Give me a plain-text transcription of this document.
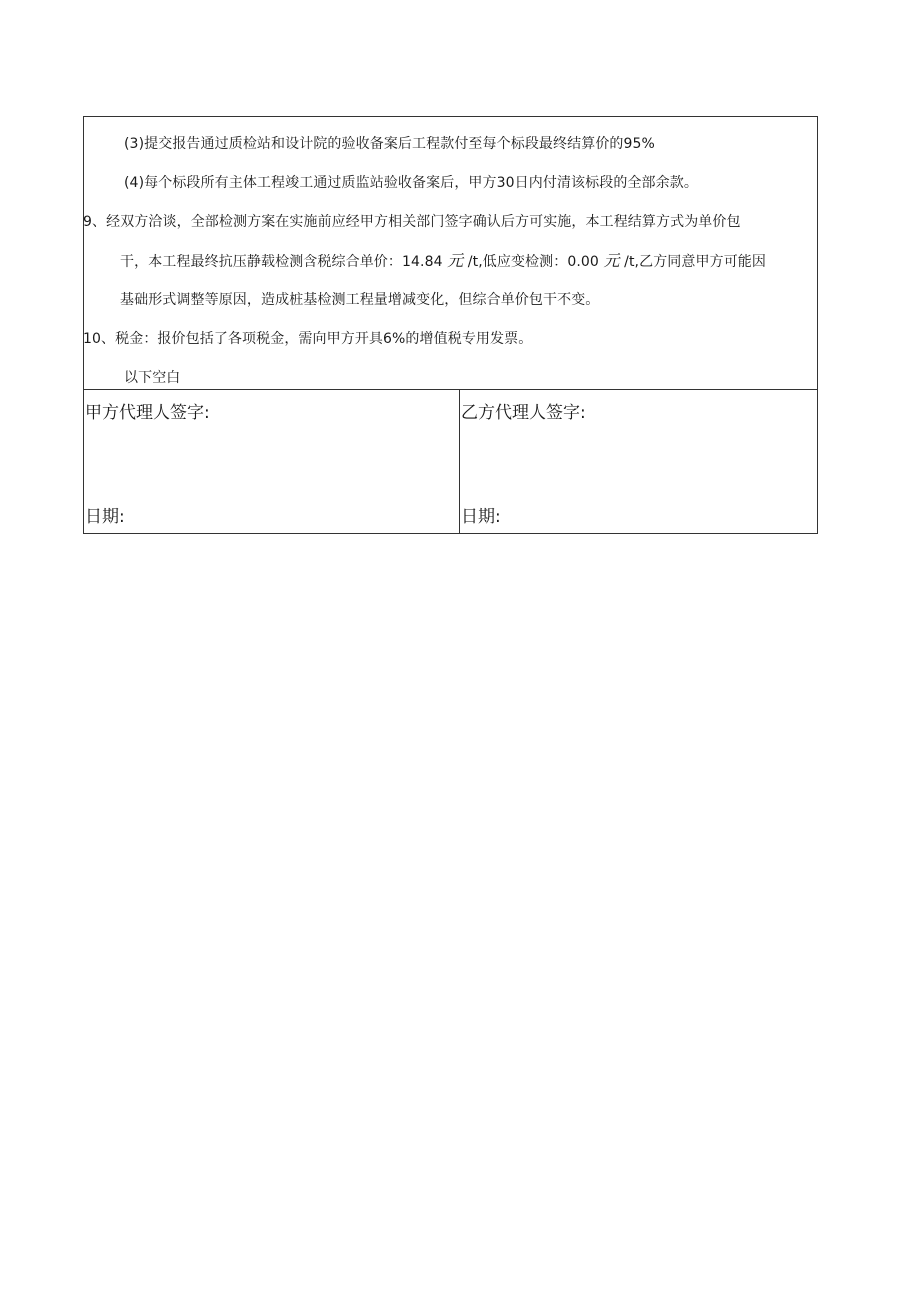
(3)提交报告通过质检站和设计院的验收备案后工程款付至每个标段最终结算价的95%
(4)每个标段所有主体工程竣工通过质监站验收备案后，甲方30日内付清该标段的全部余款。
9、经双方洽谈，全部检测方案在实施前应经甲方相关部门签字确认后方可实施，本工程结算方式为单价包
干，本工程最终抗压静载检测含税综合单价：14.84 元 /t,低应变检测：0.00 元 /t,乙方同意甲方可能因
基础形式调整等原因，造成桩基检测工程量增减变化，但综合单价包干不变。
10、税金：报价包括了各项税金，需向甲方开具6%的增值税专用发票。
以下空白
甲方代理人签字:
日期:
乙方代理人签字:
日期:
